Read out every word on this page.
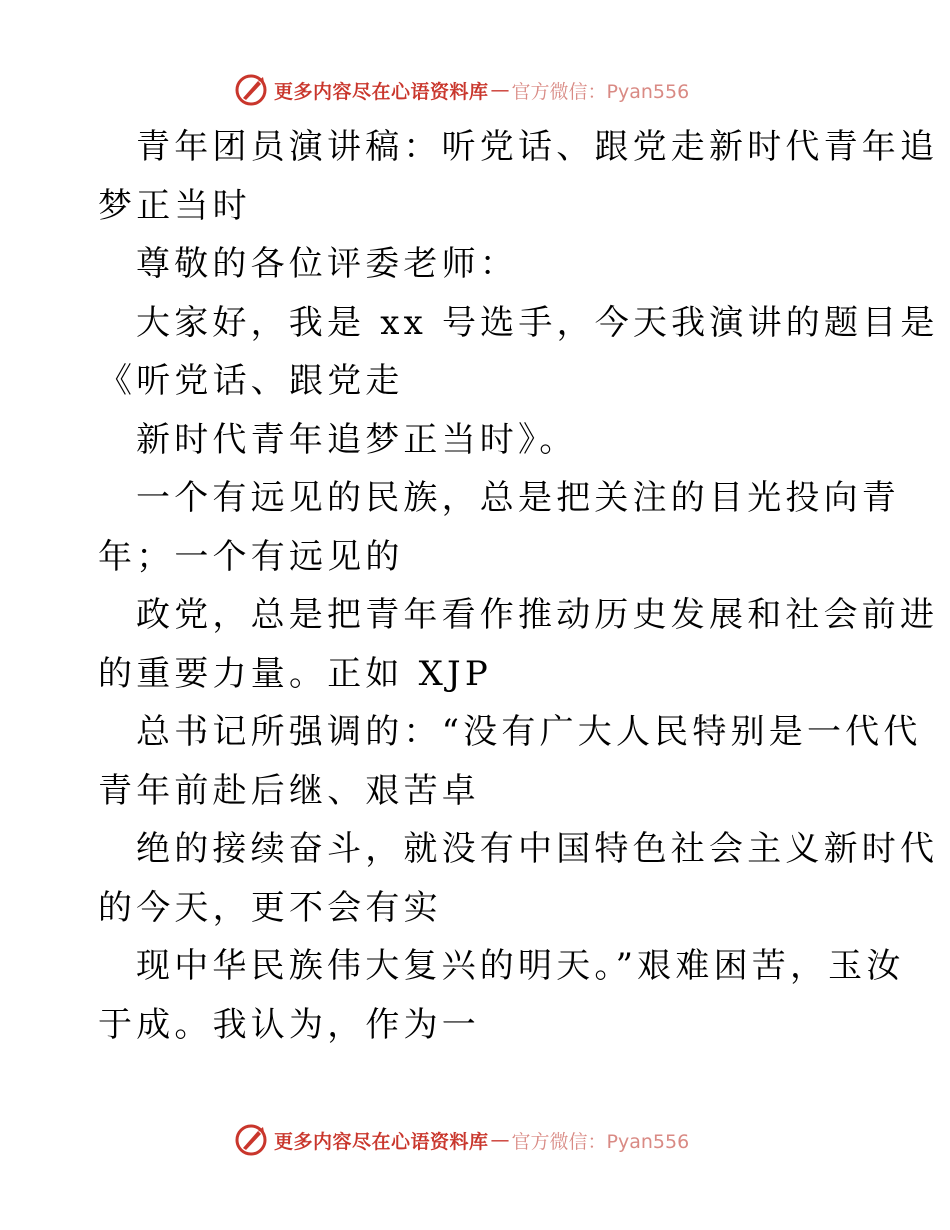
更多内容尽在心语资料库 — 官方微信：Pyan556
青年团员演讲稿：听党话、跟党走新时代青年追
梦正当时
尊敬的各位评委老师：
大家好，我是 xx 号选手，今天我演讲的题目是
《听党话、跟党走
新时代青年追梦正当时》。
一个有远见的民族，总是把关注的目光投向青
年；一个有远见的
政党，总是把青年看作推动历史发展和社会前进
的重要力量。正如 XJP
总书记所强调的：“没有广大人民特别是一代代
青年前赴后继、艰苦卓
绝的接续奋斗，就没有中国特色社会主义新时代
的今天，更不会有实
现中华民族伟大复兴的明天。”艰难困苦，玉汝
于成。我认为，作为一
更多内容尽在心语资料库 — 官方微信：Pyan556
